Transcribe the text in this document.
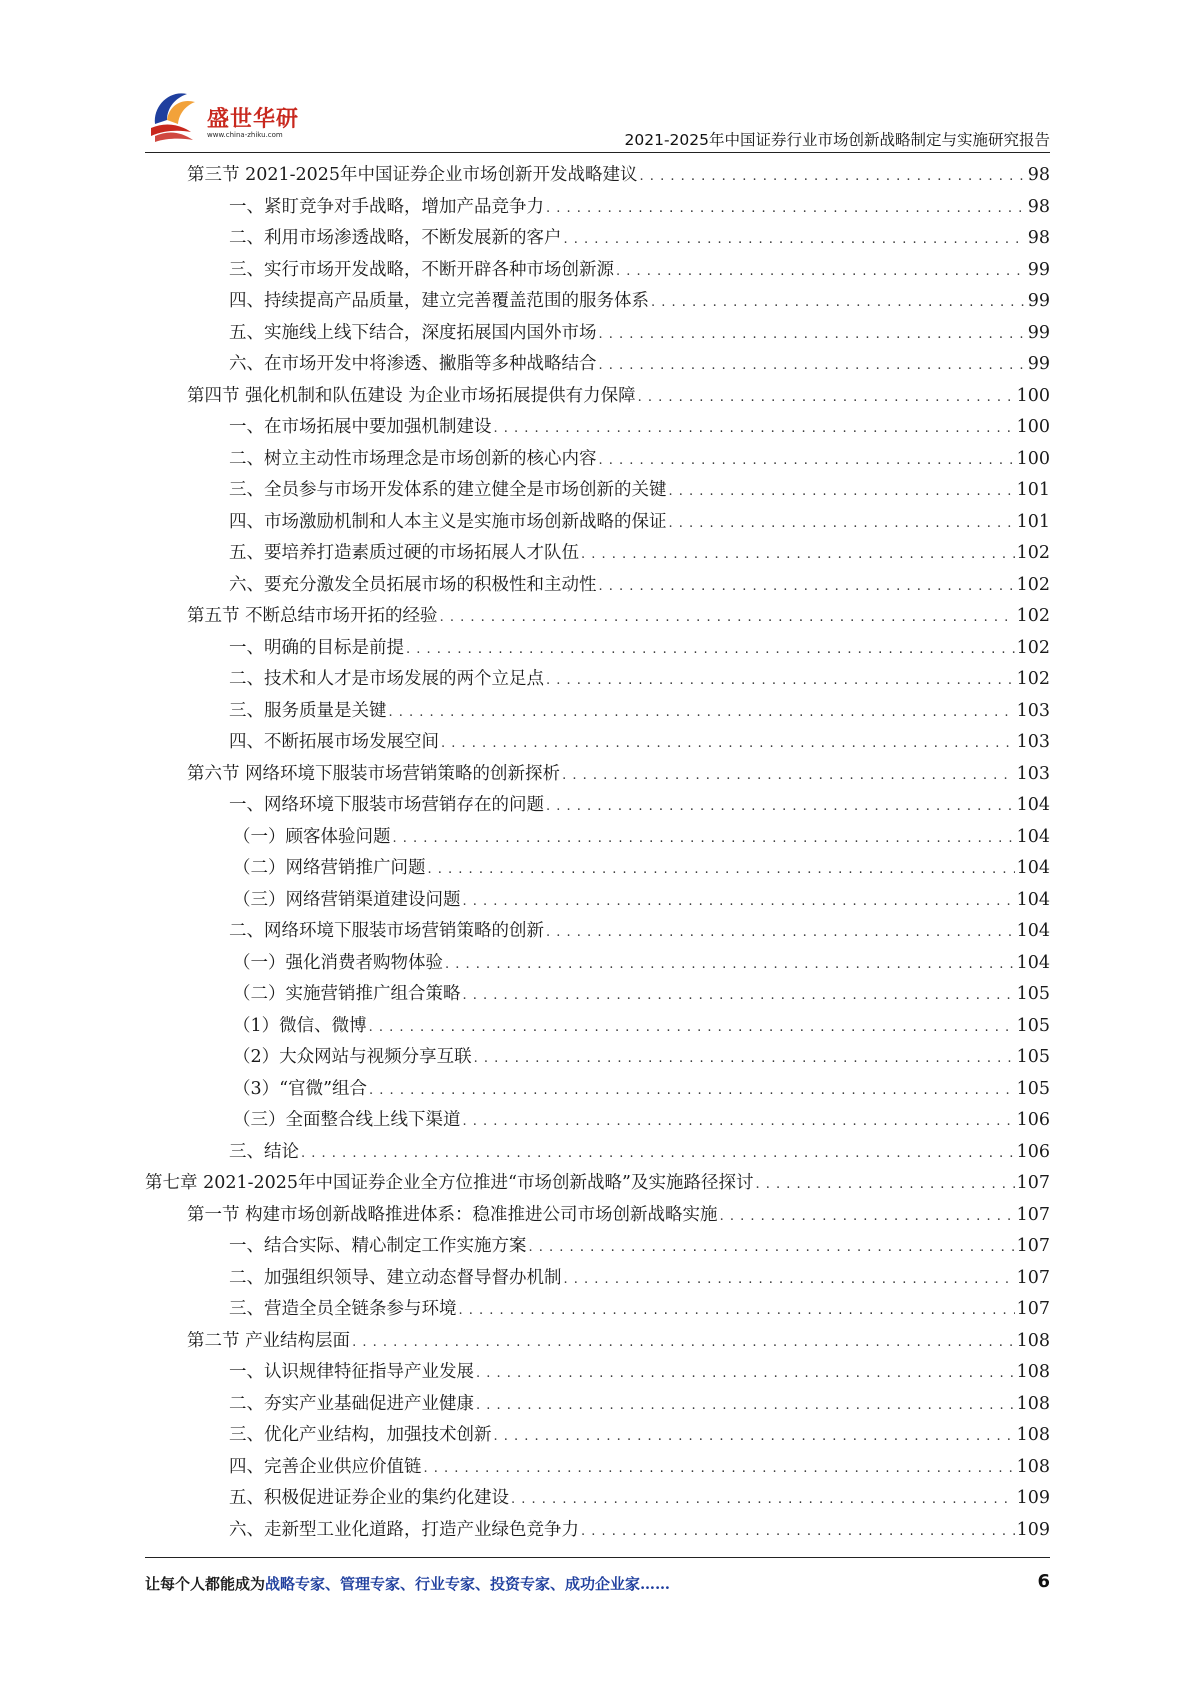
盛世华研
www.china-zhiku.com	2021-2025年中国证券行业市场创新战略制定与实施研究报告
第三节 2021-2025年中国证券企业市场创新开发战略建议 . . .	98
一、紧盯竞争对手战略，增加产品竞争力 . . .	98
二、利用市场渗透战略，不断发展新的客户 . . .	98
三、实行市场开发战略，不断开辟各种市场创新源 . . .	99
四、持续提高产品质量，建立完善覆盖范围的服务体系 . . .	99
五、实施线上线下结合，深度拓展国内国外市场 . . .	99
六、在市场开发中将渗透、撇脂等多种战略结合 . . .	99
第四节 强化机制和队伍建设 为企业市场拓展提供有力保障 . . .	100
一、在市场拓展中要加强机制建设 . . .	100
二、树立主动性市场理念是市场创新的核心内容 . . .	100
三、全员参与市场开发体系的建立健全是市场创新的关键 . . .	101
四、市场激励机制和人本主义是实施市场创新战略的保证 . . .	101
五、要培养打造素质过硬的市场拓展人才队伍 . . .	102
六、要充分激发全员拓展市场的积极性和主动性 . . .	102
第五节 不断总结市场开拓的经验 . . .	102
一、明确的目标是前提 . . .	102
二、技术和人才是市场发展的两个立足点 . . .	102
三、服务质量是关键 . . .	103
四、不断拓展市场发展空间 . . .	103
第六节 网络环境下服装市场营销策略的创新探析 . . .	103
一、网络环境下服装市场营销存在的问题 . . .	104
（一）顾客体验问题 . . .	104
（二）网络营销推广问题 . . .	104
（三）网络营销渠道建设问题 . . .	104
二、网络环境下服装市场营销策略的创新 . . .	104
（一）强化消费者购物体验 . . .	104
（二）实施营销推广组合策略 . . .	105
（1）微信、微博 . . .	105
（2）大众网站与视频分享互联 . . .	105
（3）“官微”组合 . . .	105
（三）全面整合线上线下渠道 . . .	106
三、结论 . . .	106
第七章 2021-2025年中国证券企业全方位推进“市场创新战略”及实施路径探讨 . . .	107
第一节 构建市场创新战略推进体系：稳准推进公司市场创新战略实施 . . .	107
一、结合实际、精心制定工作实施方案 . . .	107
二、加强组织领导、建立动态督导督办机制 . . .	107
三、营造全员全链条参与环境 . . .	107
第二节 产业结构层面 . . .	108
一、认识规律特征指导产业发展 . . .	108
二、夯实产业基础促进产业健康 . . .	108
三、优化产业结构，加强技术创新 . . .	108
四、完善企业供应价值链 . . .	108
五、积极促进证券企业的集约化建设 . . .	109
六、走新型工业化道路，打造产业绿色竞争力 . . .	109
让每个人都能成为战略专家、管理专家、行业专家、投资专家、成功企业家……	6
